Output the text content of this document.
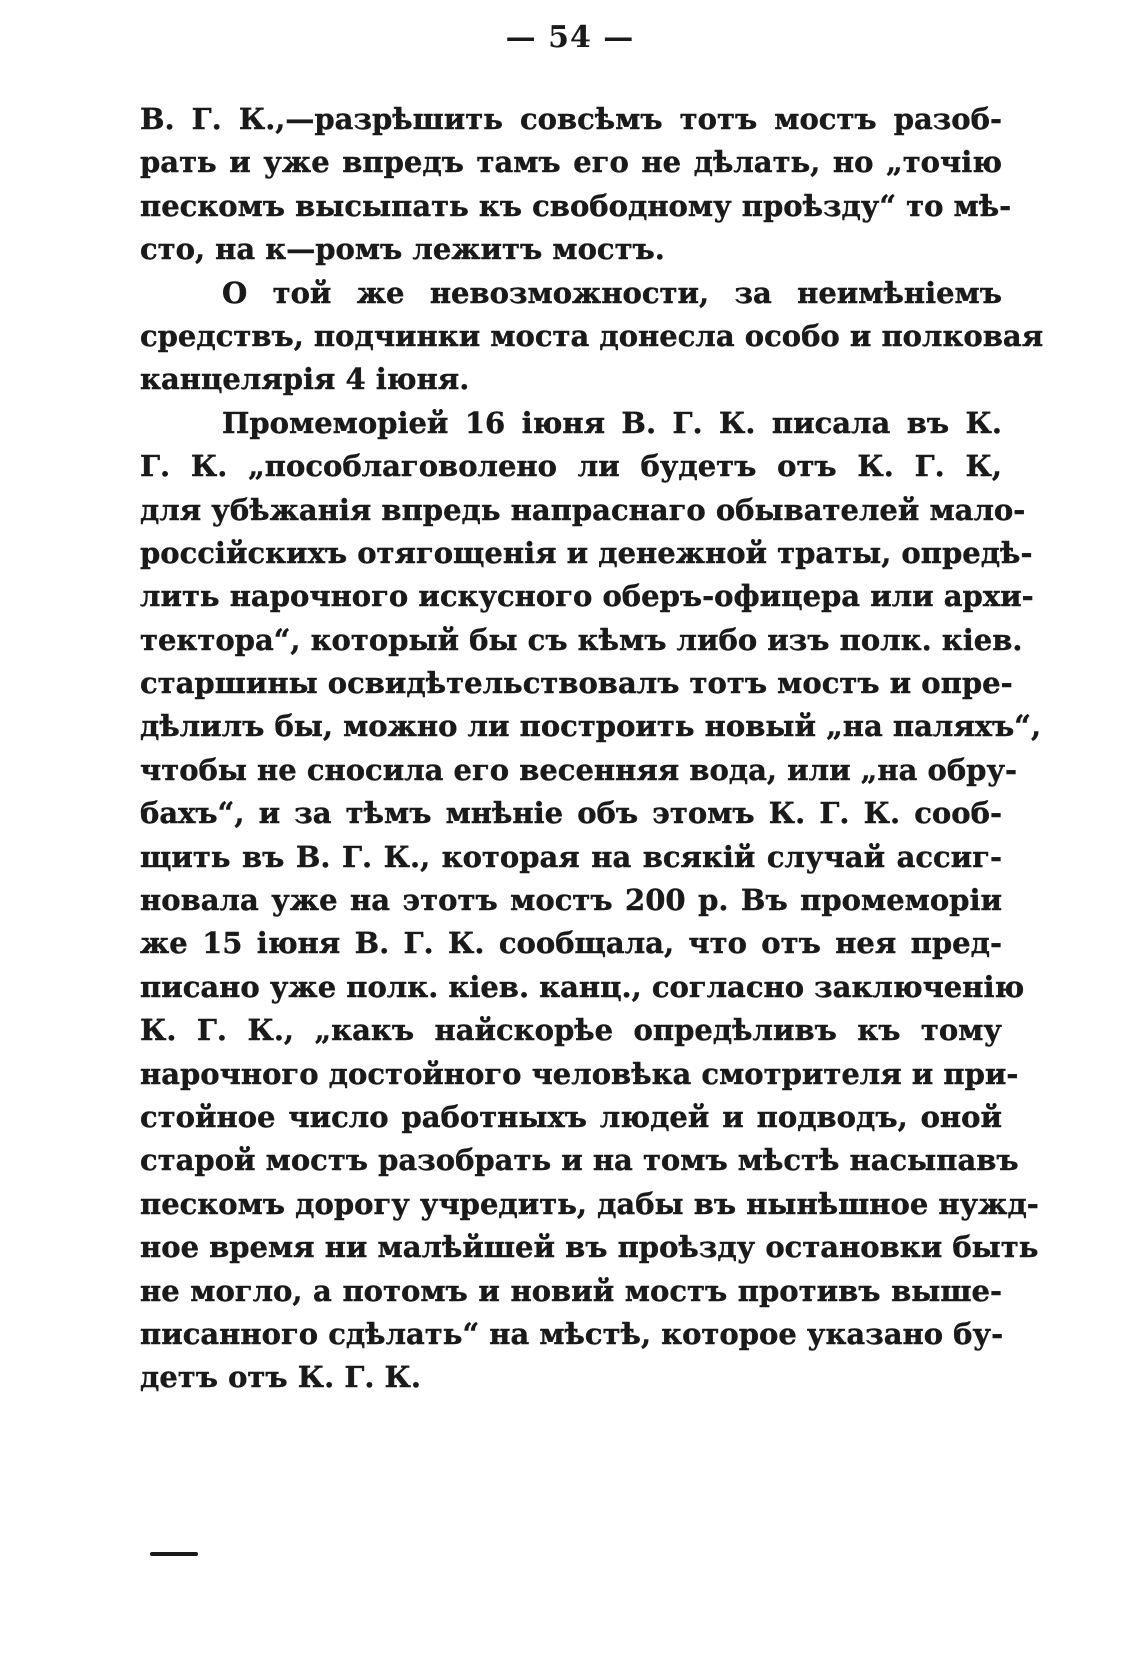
— 54 —
В. Г. К.,—разрѣшить совсѣмъ тотъ мостъ разоб-
рать и уже впредъ тамъ его не дѣлать, но „точію
пескомъ высыпать къ свободному проѣзду“ то мѣ-
сто, на к—ромъ лежитъ мостъ.
О той же невозможности, за неимѣніемъ
средствъ, подчинки моста донесла особо и полковая
канцелярія 4 іюня.
Промеморіей 16 іюня В. Г. К. писала въ К.
Г. К. „пособлаговолено ли будетъ отъ К. Г. К,
для убѣжанія впредь напраснаго обывателей мало-
россійскихъ отягощенія и денежной траты, опредѣ-
лить нарочного искусного оберъ-офицера или архи-
тектора“, который бы съ кѣмъ либо изъ полк. кіев.
старшины освидѣтельствовалъ тотъ мостъ и опре-
дѣлилъ бы, можно ли построить новый „на паляхъ“,
чтобы не сносила его весенняя вода, или „на обру-
бахъ“, и за тѣмъ мнѣніе объ этомъ К. Г. К. сооб-
щить въ В. Г. К., которая на всякій случай ассиг-
новала уже на этотъ мостъ 200 р. Въ промеморіи
же 15 іюня В. Г. К. сообщала, что отъ нея пред-
писано уже полк. кіев. канц., согласно заключенію
К. Г. К., „какъ найскорѣе опредѣливъ къ тому
нарочного достойного человѣка смотрителя и при-
стойное число работныхъ людей и подводъ, оной
старой мостъ разобрать и на томъ мѣстѣ насыпавъ
пескомъ дорогу учредить, дабы въ нынѣшное нужд-
ное время ни малѣйшей въ проѣзду остановки быть
не могло, а потомъ и новий мостъ противъ выше-
писанного сдѣлать“ на мѣстѣ, которое указано бу-
детъ отъ К. Г. К.
